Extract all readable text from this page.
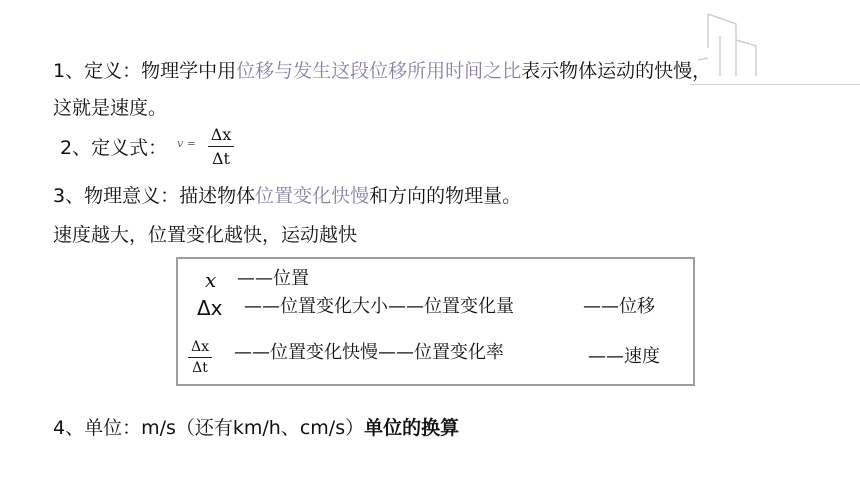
1、定义：物理学中用位移与发生这段位移所用时间之比表示物体运动的快慢，
这就是速度。
2、定义式： v = Δx
Δt
3、物理意义：描述物体位置变化快慢和方向的物理量。
速度越大，位置变化越快，运动越快
x ——位置
Δx ——位置变化大小——位置变化量	——位移
Δx
Δt
——位置变化快慢——位置变化率	——速度
4、单位：m/s（还有km/h、cm/s）单位的换算
